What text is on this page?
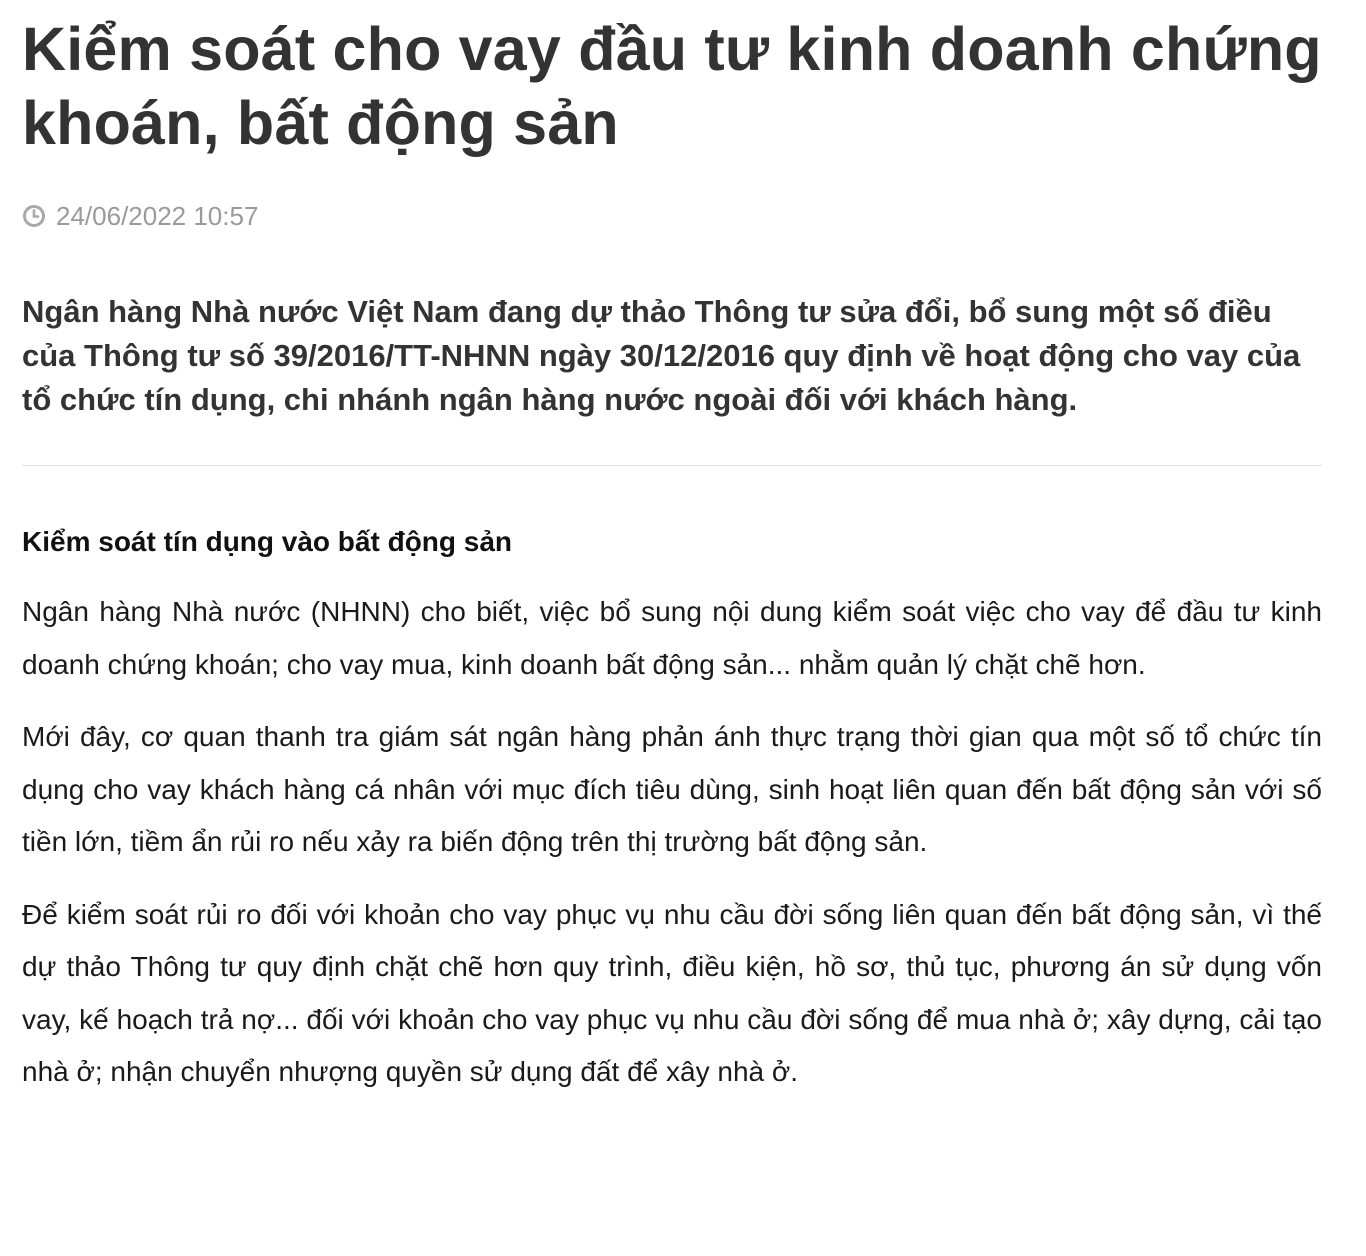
Kiểm soát cho vay đầu tư kinh doanh chứng khoán, bất động sản
24/06/2022 10:57

Ngân hàng Nhà nước Việt Nam đang dự thảo Thông tư sửa đổi, bổ sung một số điều của Thông tư số 39/2016/TT-NHNN ngày 30/12/2016 quy định về hoạt động cho vay của tổ chức tín dụng, chi nhánh ngân hàng nước ngoài đối với khách hàng.

Kiểm soát tín dụng vào bất động sản

Ngân hàng Nhà nước (NHNN) cho biết, việc bổ sung nội dung kiểm soát việc cho vay để đầu tư kinh doanh chứng khoán; cho vay mua, kinh doanh bất động sản... nhằm quản lý chặt chẽ hơn.

Mới đây, cơ quan thanh tra giám sát ngân hàng phản ánh thực trạng thời gian qua một số tổ chức tín dụng cho vay khách hàng cá nhân với mục đích tiêu dùng, sinh hoạt liên quan đến bất động sản với số tiền lớn, tiềm ẩn rủi ro nếu xảy ra biến động trên thị trường bất động sản.

Để kiểm soát rủi ro đối với khoản cho vay phục vụ nhu cầu đời sống liên quan đến bất động sản, vì thế dự thảo Thông tư quy định chặt chẽ hơn quy trình, điều kiện, hồ sơ, thủ tục, phương án sử dụng vốn vay, kế hoạch trả nợ... đối với khoản cho vay phục vụ nhu cầu đời sống để mua nhà ở; xây dựng, cải tạo nhà ở; nhận chuyển nhượng quyền sử dụng đất để xây nhà ở.
